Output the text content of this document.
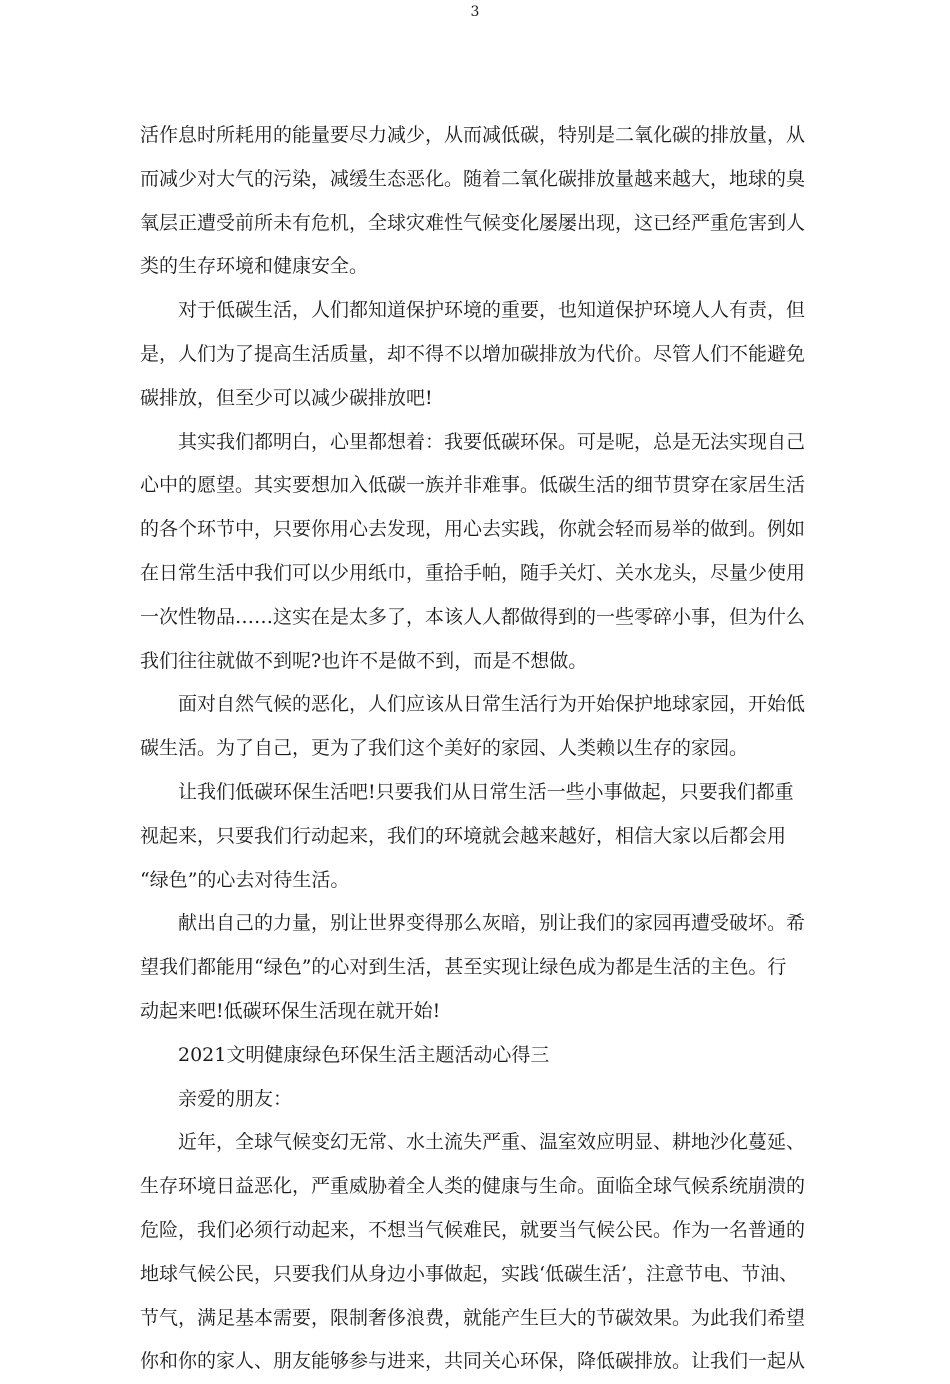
3
活作息时所耗用的能量要尽力减少，从而减低碳，特别是二氧化碳的排放量，从
而减少对大气的污染，减缓生态恶化。随着二氧化碳排放量越来越大，地球的臭
氧层正遭受前所未有危机，全球灾难性气候变化屡屡出现，这已经严重危害到人
类的生存环境和健康安全。
对于低碳生活，人们都知道保护环境的重要，也知道保护环境人人有责，但
是，人们为了提高生活质量，却不得不以增加碳排放为代价。尽管人们不能避免
碳排放，但至少可以减少碳排放吧!
其实我们都明白，心里都想着：我要低碳环保。可是呢，总是无法实现自己
心中的愿望。其实要想加入低碳一族并非难事。低碳生活的细节贯穿在家居生活
的各个环节中，只要你用心去发现，用心去实践，你就会轻而易举的做到。例如
在日常生活中我们可以少用纸巾，重拾手帕，随手关灯、关水龙头，尽量少使用
一次性物品……这实在是太多了，本该人人都做得到的一些零碎小事，但为什么
我们往往就做不到呢?也许不是做不到，而是不想做。
面对自然气候的恶化，人们应该从日常生活行为开始保护地球家园，开始低
碳生活。为了自己，更为了我们这个美好的家园、人类赖以生存的家园。
让我们低碳环保生活吧!只要我们从日常生活一些小事做起，只要我们都重
视起来，只要我们行动起来，我们的环境就会越来越好，相信大家以后都会用
“绿色”的心去对待生活。
献出自己的力量，别让世界变得那么灰暗，别让我们的家园再遭受破坏。希
望我们都能用“绿色”的心对到生活，甚至实现让绿色成为都是生活的主色。行
动起来吧!低碳环保生活现在就开始!
2021文明健康绿色环保生活主题活动心得三
亲爱的朋友：
近年，全球气候变幻无常、水土流失严重、温室效应明显、耕地沙化蔓延、
生存环境日益恶化，严重威胁着全人类的健康与生命。面临全球气候系统崩溃的
危险，我们必须行动起来，不想当气候难民，就要当气候公民。作为一名普通的
地球气候公民，只要我们从身边小事做起，实践‘低碳生活’，注意节电、节油、
节气，满足基本需要，限制奢侈浪费，就能产生巨大的节碳效果。为此我们希望
你和你的家人、朋友能够参与进来，共同关心环保，降低碳排放。让我们一起从
